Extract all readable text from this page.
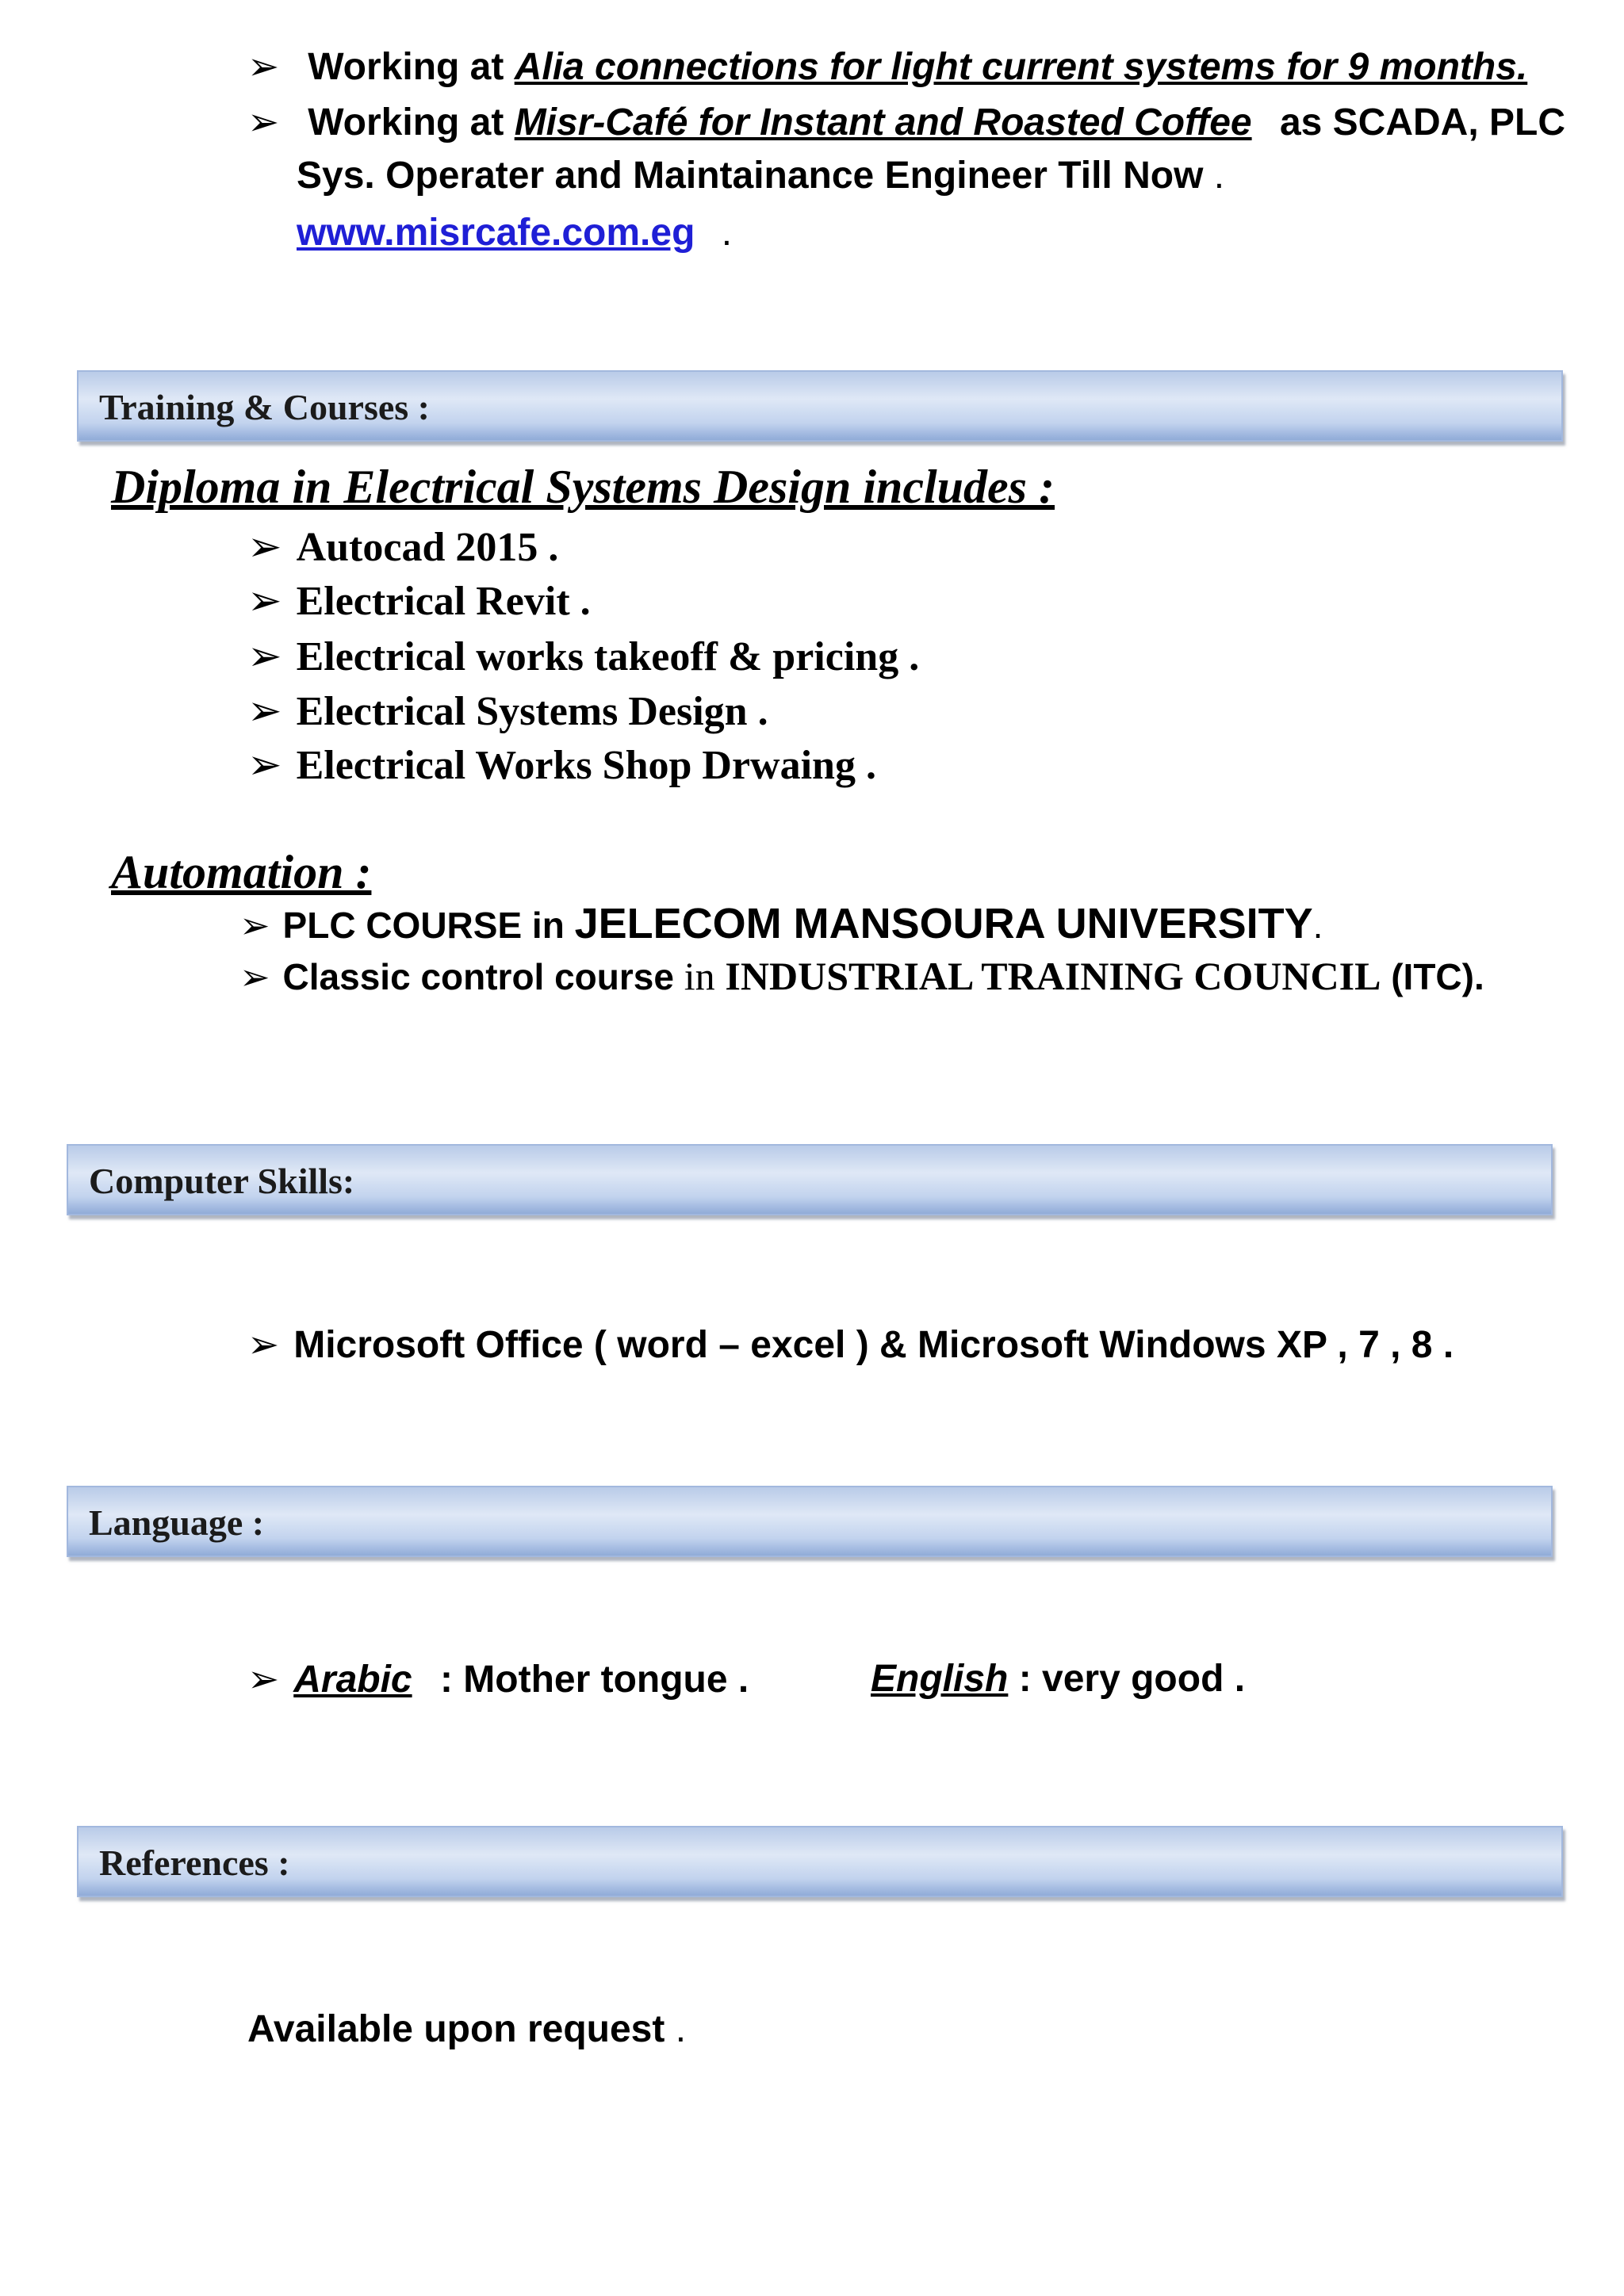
➢ Working at Alia connections for light current systems for 9 months.
➢ Working at Misr-Café for Instant and Roasted Coffee as SCADA, PLC
Sys. Operater and Maintainance Engineer Till Now .
www.misrcafe.com.eg .
Training & Courses :
Diploma in Electrical Systems Design includes :
➢ Autocad 2015 .
➢ Electrical Revit .
➢ Electrical works takeoff & pricing .
➢ Electrical Systems Design .
➢ Electrical Works Shop Drwaing .
Automation :
➢ PLC COURSE in JELECOM MANSOURA UNIVERSITY.
➢ Classic control course in INDUSTRIAL TRAINING COUNCIL (ITC).
Computer Skills:
➢ Microsoft Office ( word – excel ) & Microsoft Windows XP , 7 , 8 .
Language :
➢ Arabic : Mother tongue .	English : very good .
References :
Available upon request .
